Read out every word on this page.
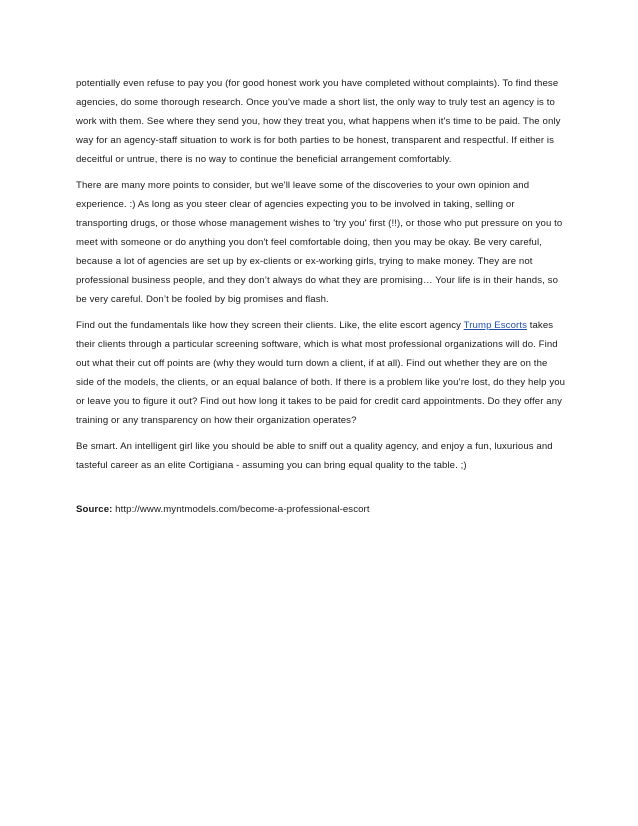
potentially even refuse to pay you (for good honest work you have completed without complaints). To find these agencies, do some thorough research. Once you've made a short list, the only way to truly test an agency is to work with them. See where they send you, how they treat you, what happens when it's time to be paid. The only way for an agency-staff situation to work is for both parties to be honest, transparent and respectful. If either is deceitful or untrue, there is no way to continue the beneficial arrangement comfortably.

There are many more points to consider, but we'll leave some of the discoveries to your own opinion and experience. :) As long as you steer clear of agencies expecting you to be involved in taking, selling or transporting drugs, or those whose management wishes to 'try you' first (!!), or those who put pressure on you to meet with someone or do anything you don't feel comfortable doing, then you may be okay. Be very careful, because a lot of agencies are set up by ex-clients or ex-working girls, trying to make money. They are not professional business people, and they don’t always do what they are promising… Your life is in their hands, so be very careful. Don’t be fooled by big promises and flash.

Find out the fundamentals like how they screen their clients. Like, the elite escort agency Trump Escorts takes their clients through a particular screening software, which is what most professional organizations will do. Find out what their cut off points are (why they would turn down a client, if at all). Find out whether they are on the side of the models, the clients, or an equal balance of both. If there is a problem like you’re lost, do they help you or leave you to figure it out? Find out how long it takes to be paid for credit card appointments. Do they offer any training or any transparency on how their organization operates?

Be smart. An intelligent girl like you should be able to sniff out a quality agency, and enjoy a fun, luxurious and tasteful career as an elite Cortigiana - assuming you can bring equal quality to the table. ;)

Source: http://www.myntmodels.com/become-a-professional-escort
